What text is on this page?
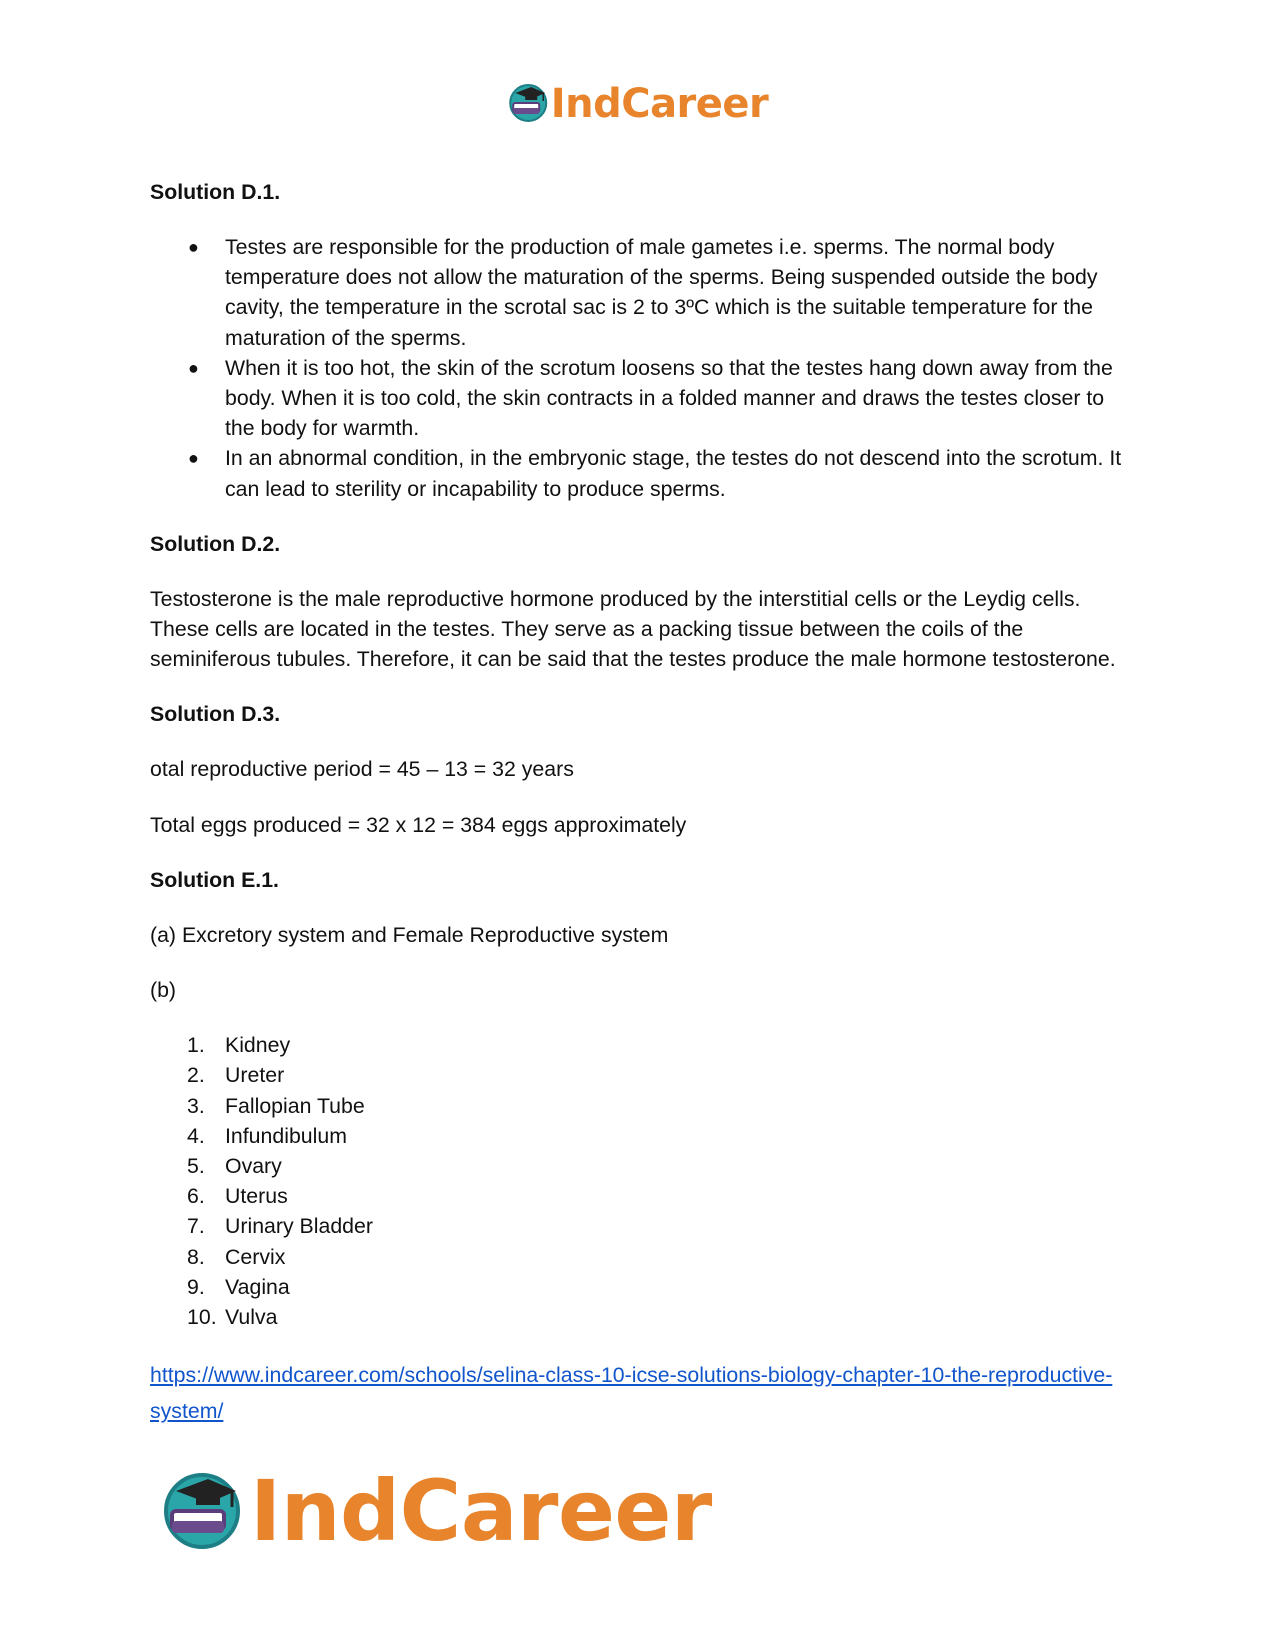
IndCareer
Solution D.1.
● Testes are responsible for the production of male gametes i.e. sperms. The normal body temperature does not allow the maturation of the sperms. Being suspended outside the body cavity, the temperature in the scrotal sac is 2 to 3ºC which is the suitable temperature for the maturation of the sperms.
● When it is too hot, the skin of the scrotum loosens so that the testes hang down away from the body. When it is too cold, the skin contracts in a folded manner and draws the testes closer to the body for warmth.
● In an abnormal condition, in the embryonic stage, the testes do not descend into the scrotum. It can lead to sterility or incapability to produce sperms.
Solution D.2.

Testosterone is the male reproductive hormone produced by the interstitial cells or the Leydig cells. These cells are located in the testes. They serve as a packing tissue between the coils of the seminiferous tubules. Therefore, it can be said that the testes produce the male hormone testosterone.

Solution D.3.

otal reproductive period = 45 – 13 = 32 years

Total eggs produced = 32 x 12 = 384 eggs approximately

Solution E.1.

(a) Excretory system and Female Reproductive system

(b)

1. Kidney
2. Ureter
3. Fallopian Tube
4. Infundibulum
5. Ovary
6. Uterus
7. Urinary Bladder
8. Cervix
9. Vagina
10. Vulva
https://www.indcareer.com/schools/selina-class-10-icse-solutions-biology-chapter-10-the-reproductive-system/
IndCareer
